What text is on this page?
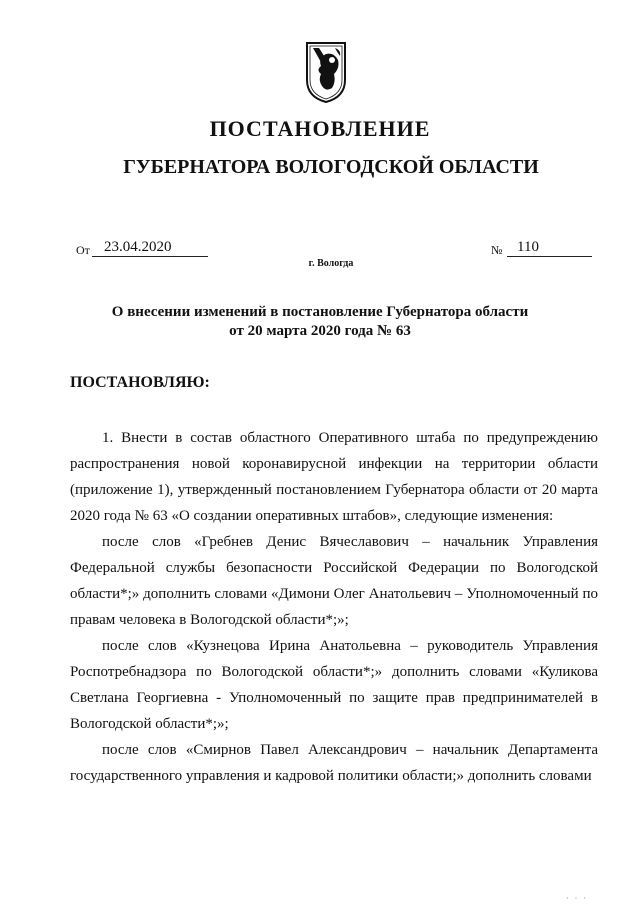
ПОСТАНОВЛЕНИЕ
ГУБЕРНАТОРА ВОЛОГОДСКОЙ ОБЛАСТИ
От 23.04.2020	№ 110
г. Вологда
О внесении изменений в постановление Губернатора области
от 20 марта 2020 года № 63
ПОСТАНОВЛЯЮ:
1. Внести в состав областного Оперативного штаба по предупреждению распространения новой коронавирусной инфекции на территории области (приложение 1), утвержденный постановлением Губернатора области от 20 марта 2020 года № 63 «О создании оперативных штабов», следующие изменения:
после слов «Гребнев Денис Вячеславович – начальник Управления Федеральной службы безопасности Российской Федерации по Вологодской области*;» дополнить словами «Димони Олег Анатольевич – Уполномоченный по правам человека в Вологодской области*;»;
после слов «Кузнецова Ирина Анатольевна – руководитель Управления Роспотребнадзора по Вологодской области*;» дополнить словами «Куликова Светлана Георгиевна - Уполномоченный по защите прав предпринимателей в Вологодской области*;»;
после слов «Смирнов Павел Александрович – начальник Департамента государственного управления и кадровой политики области;» дополнить словами
· · ·
